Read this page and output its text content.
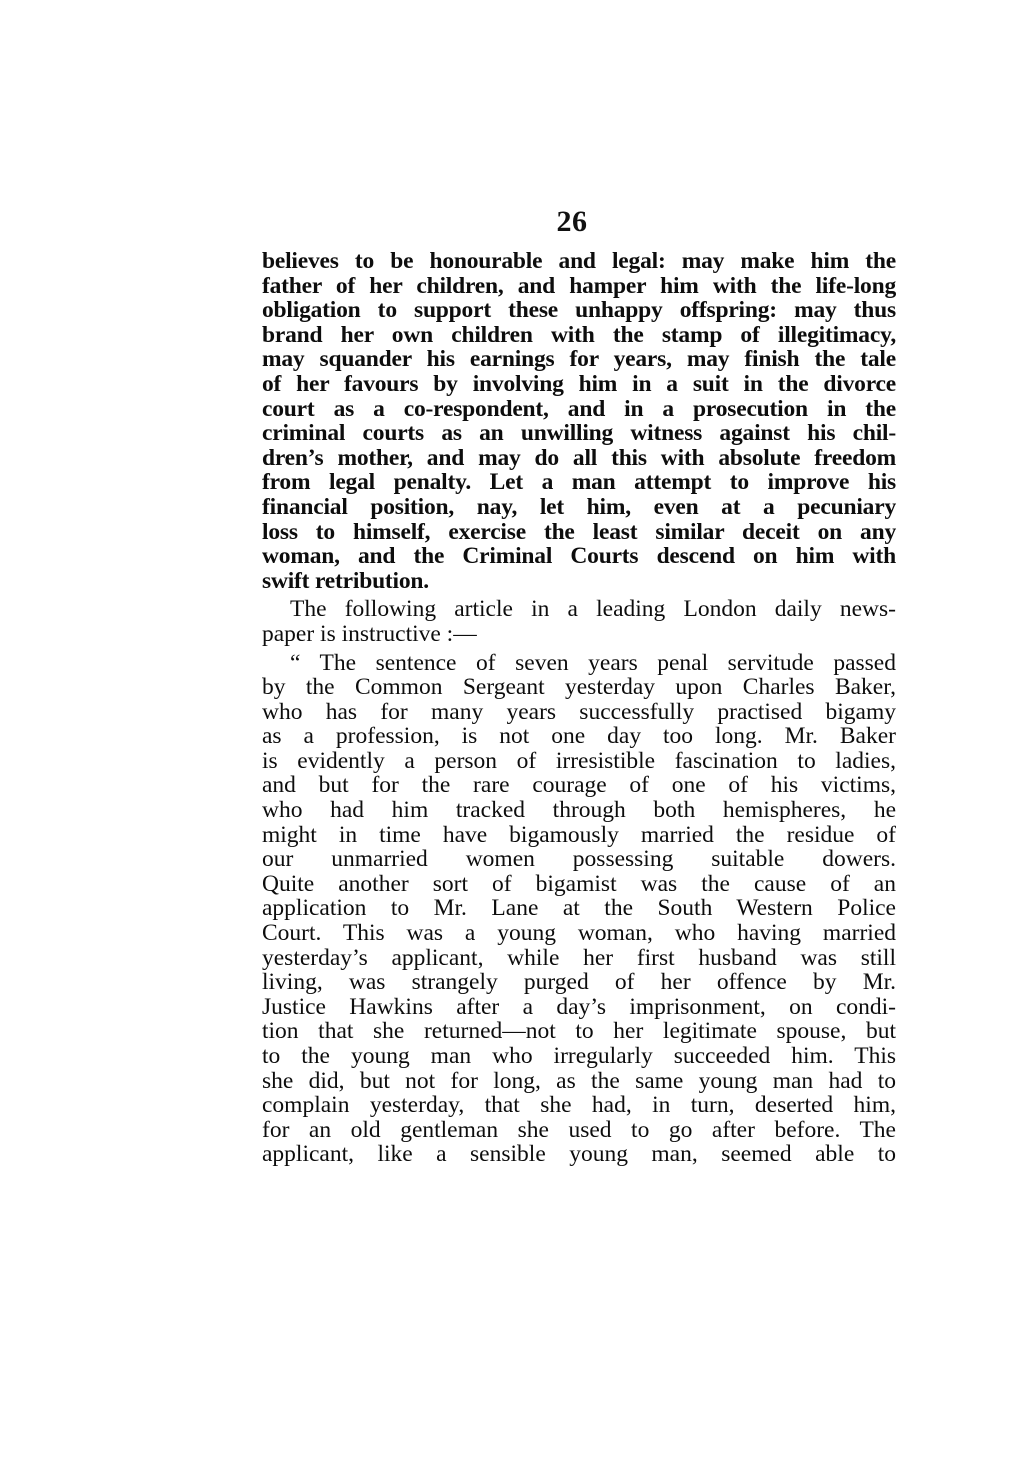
26
believes to be honourable and legal: may make him the
father of her children, and hamper him with the life-long
obligation to support these unhappy offspring: may thus
brand her own children with the stamp of illegitimacy,
may squander his earnings for years, may finish the tale
of her favours by involving him in a suit in the divorce
court as a co-respondent, and in a prosecution in the
criminal courts as an unwilling witness against his chil-
dren’s mother, and may do all this with absolute freedom
from legal penalty. Let a man attempt to improve his
financial position, nay, let him, even at a pecuniary
loss to himself, exercise the least similar deceit on any
woman, and the Criminal Courts descend on him with
swift retribution.
The following article in a leading London daily news-
paper is instructive :—
“ The sentence of seven years penal servitude passed
by the Common Sergeant yesterday upon Charles Baker,
who has for many years successfully practised bigamy
as a profession, is not one day too long. Mr. Baker
is evidently a person of irresistible fascination to ladies,
and but for the rare courage of one of his victims,
who had him tracked through both hemispheres, he
might in time have bigamously married the residue of
our unmarried women possessing suitable dowers.
Quite another sort of bigamist was the cause of an
application to Mr. Lane at the South Western Police
Court. This was a young woman, who having married
yesterday’s applicant, while her first husband was still
living, was strangely purged of her offence by Mr.
Justice Hawkins after a day’s imprisonment, on condi-
tion that she returned—not to her legitimate spouse, but
to the young man who irregularly succeeded him. This
she did, but not for long, as the same young man had to
complain yesterday, that she had, in turn, deserted him,
for an old gentleman she used to go after before. The
applicant, like a sensible young man, seemed able to
